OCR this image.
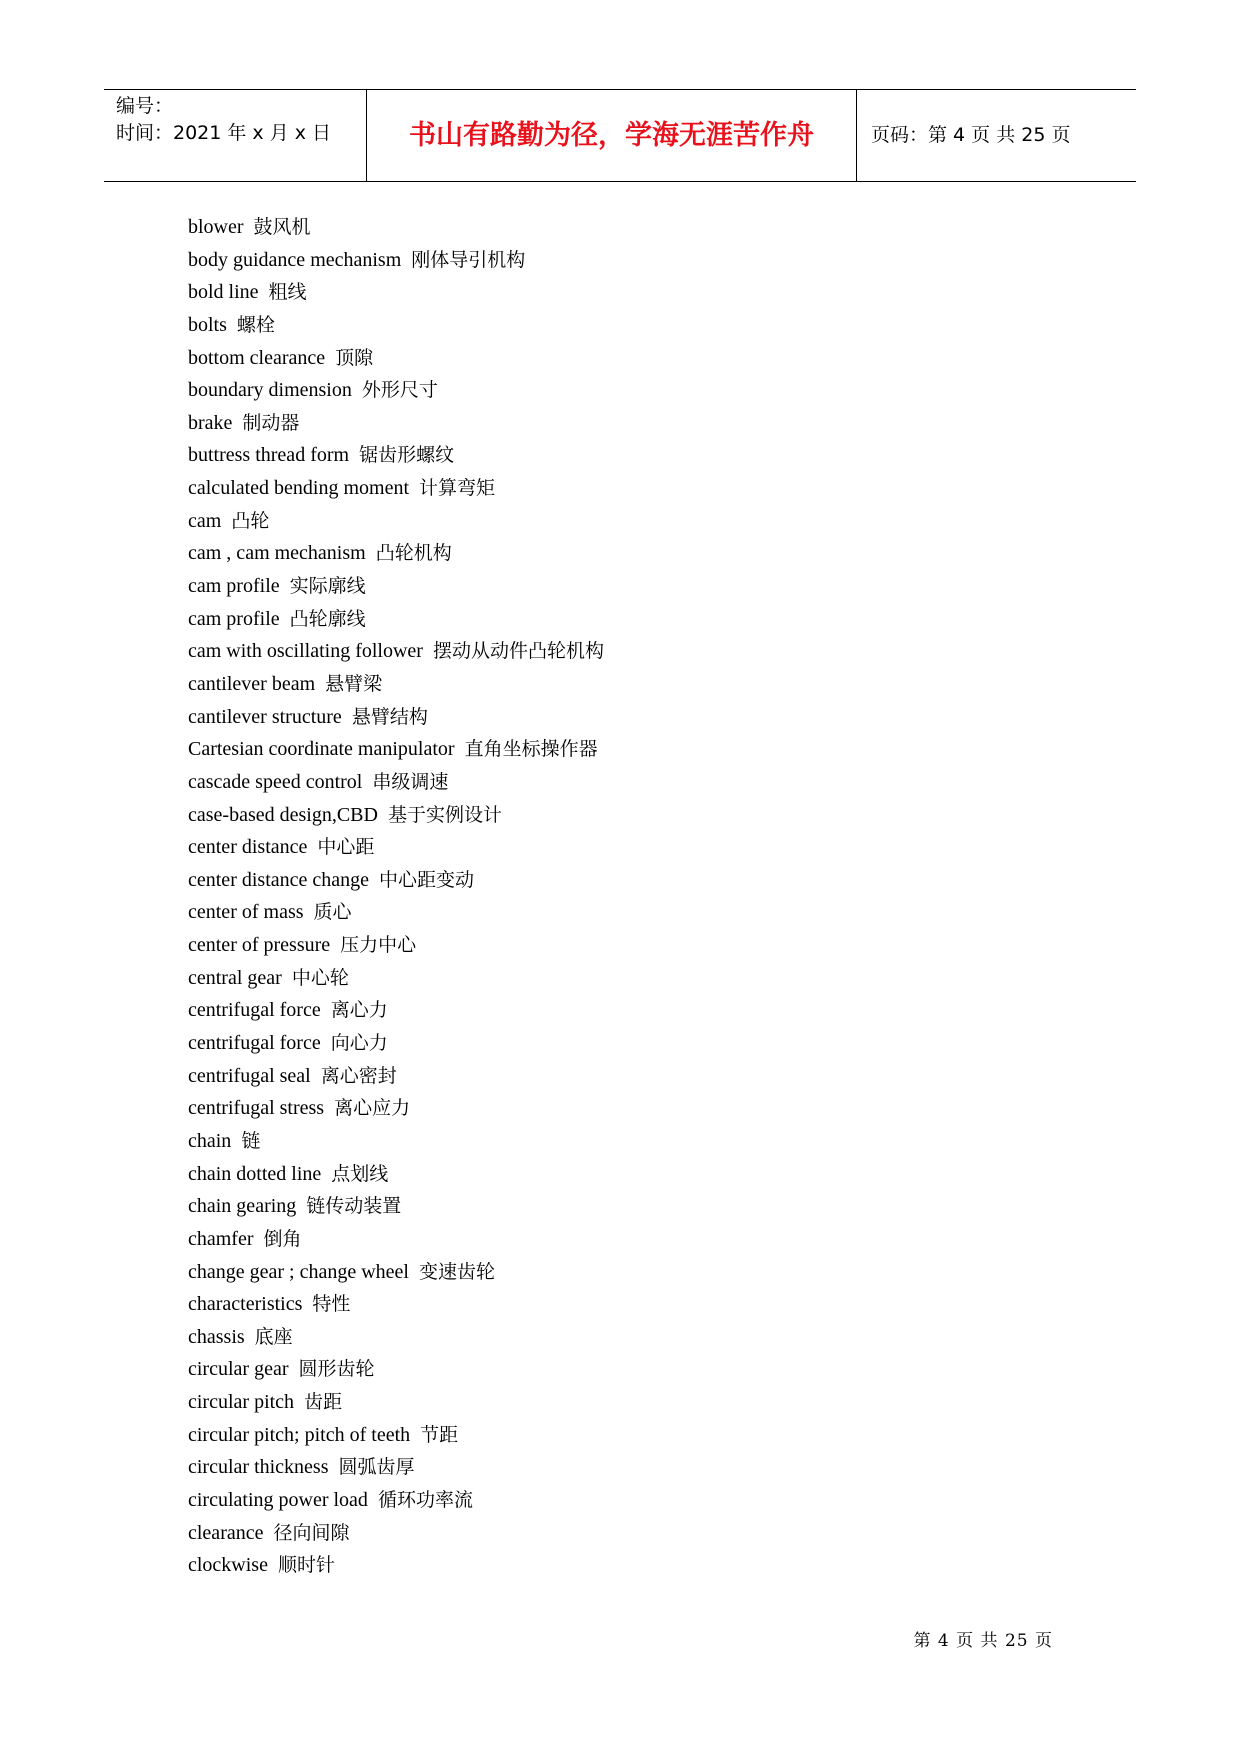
编号：
时间：2021 年 x 月 x 日	书山有路勤为径，学海无涯苦作舟	页码：第 4 页 共 25 页
blower 鼓风机
body guidance mechanism 刚体导引机构
bold line 粗线
bolts 螺栓
bottom clearance 顶隙
boundary dimension 外形尺寸
brake 制动器
buttress thread form 锯齿形螺纹
calculated bending moment 计算弯矩
cam 凸轮
cam , cam mechanism 凸轮机构
cam profile 实际廓线
cam profile 凸轮廓线
cam with oscillating follower 摆动从动件凸轮机构
cantilever beam 悬臂梁
cantilever structure 悬臂结构
Cartesian coordinate manipulator 直角坐标操作器
cascade speed control 串级调速
case-based design,CBD 基于实例设计
center distance 中心距
center distance change 中心距变动
center of mass 质心
center of pressure 压力中心
central gear 中心轮
centrifugal force 离心力
centrifugal force 向心力
centrifugal seal 离心密封
centrifugal stress 离心应力
chain 链
chain dotted line 点划线
chain gearing 链传动装置
chamfer 倒角
change gear ; change wheel 变速齿轮
characteristics 特性
chassis 底座
circular gear 圆形齿轮
circular pitch 齿距
circular pitch; pitch of teeth 节距
circular thickness 圆弧齿厚
circulating power load 循环功率流
clearance 径向间隙
clockwise 顺时针
第 4 页 共 25 页
